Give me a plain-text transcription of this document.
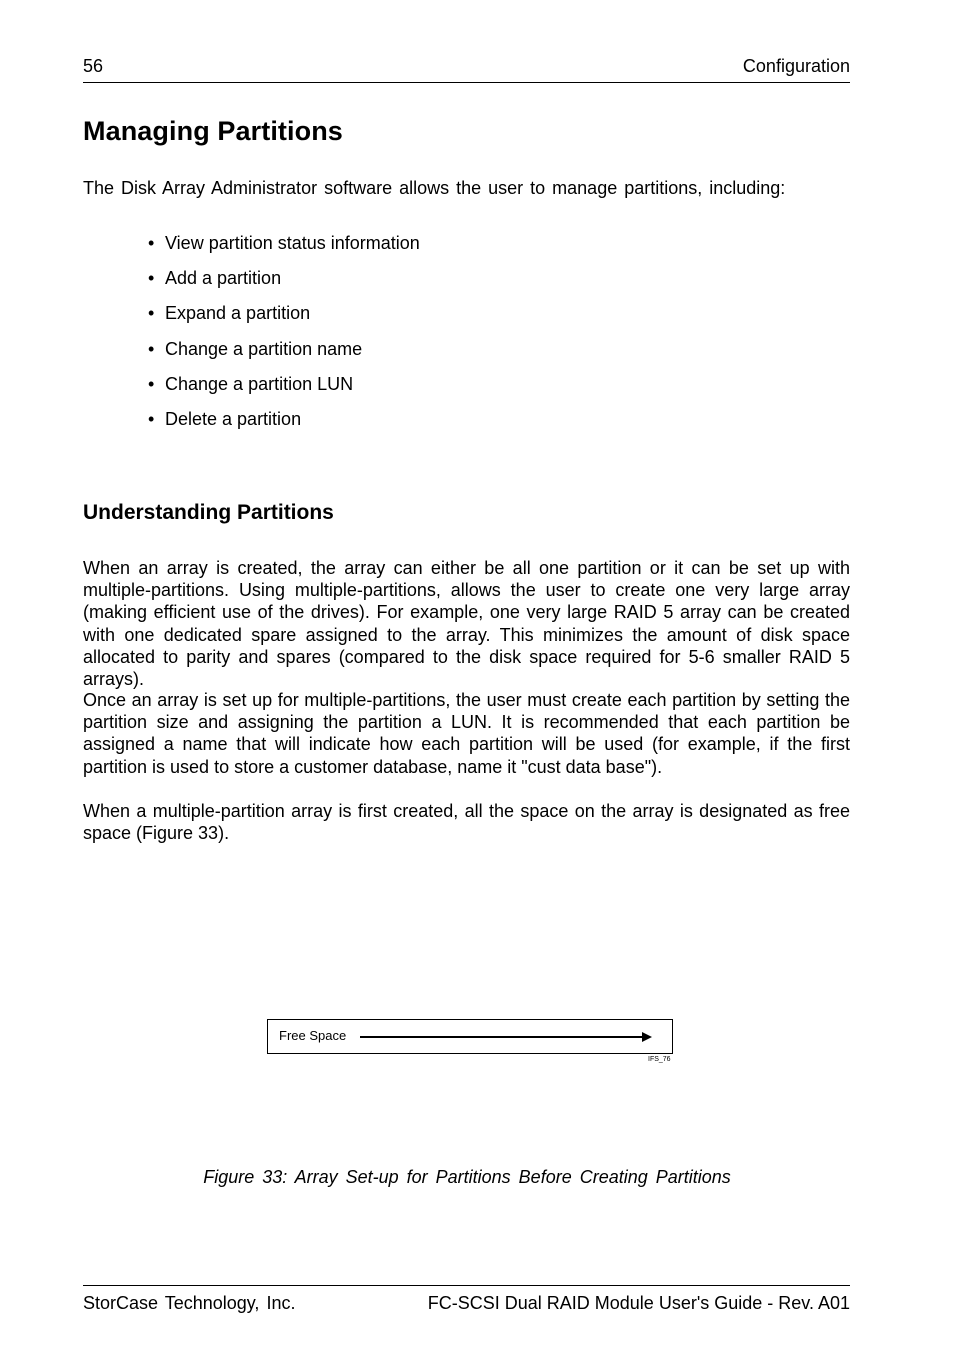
56	Configuration
Managing Partitions

The Disk Array Administrator software allows the user to manage partitions, including:

• View partition status information
• Add a partition
• Expand a partition
• Change a partition name
• Change a partition LUN
• Delete a partition
Understanding Partitions

When an array is created, the array can either be all one partition or it can be set up with multiple-partitions. Using multiple-partitions, allows the user to create one very large array (making efficient use of the drives). For example, one very large RAID 5 array can be created with one dedicated spare assigned to the array. This minimizes the amount of disk space allocated to parity and spares (compared to the disk space required for 5-6 smaller RAID 5 arrays).

Once an array is set up for multiple-partitions, the user must create each partition by setting the partition size and assigning the partition a LUN. It is recommended that each partition be assigned a name that will indicate how each partition will be used (for example, if the first partition is used to store a customer database, name it "cust data base").

When a multiple-partition array is first created, all the space on the array is designated as free space (Figure 33).

Free Space
IFS_76
Figure 33: Array Set-up for Partitions Before Creating Partitions
StorCase Technology, Inc.	FC-SCSI Dual RAID Module User's Guide - Rev. A01
